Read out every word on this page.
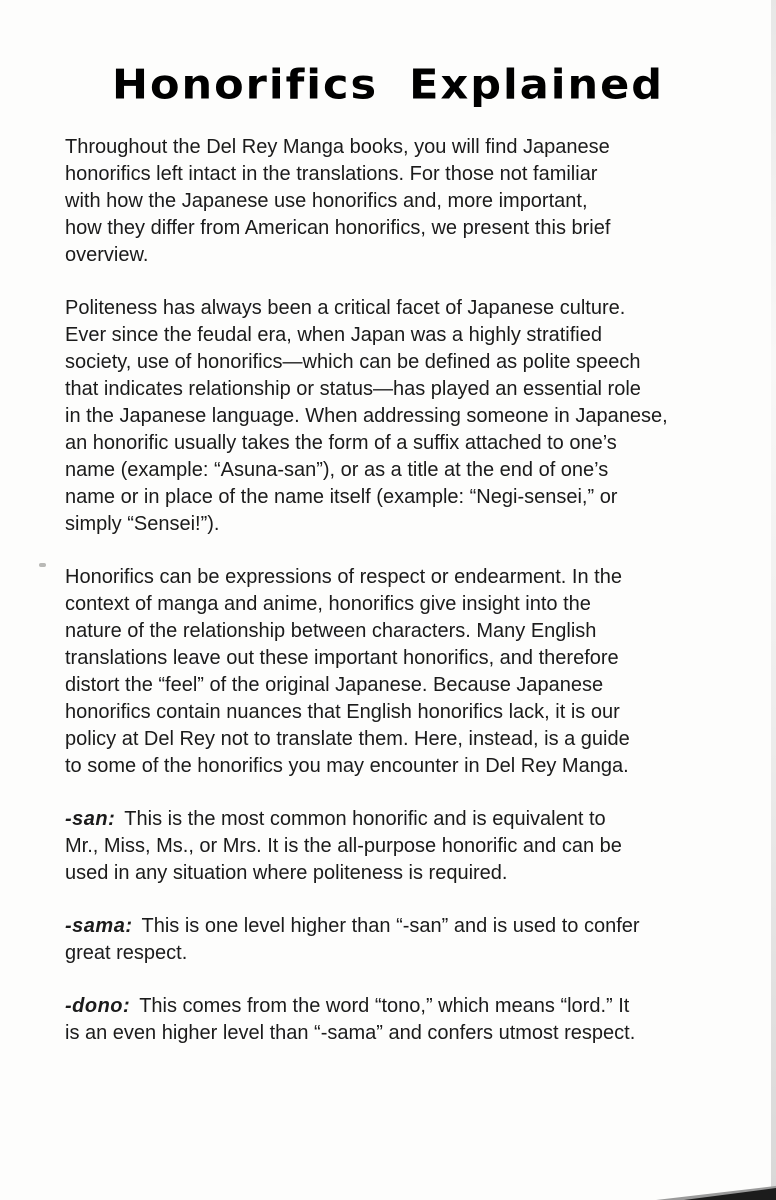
Honorifics Explained

Throughout the Del Rey Manga books, you will find Japanese
honorifics left intact in the translations. For those not familiar
with how the Japanese use honorifics and, more important,
how they differ from American honorifics, we present this brief
overview.

Politeness has always been a critical facet of Japanese culture.
Ever since the feudal era, when Japan was a highly stratified
society, use of honorifics—which can be defined as polite speech
that indicates relationship or status—has played an essential role
in the Japanese language. When addressing someone in Japanese,
an honorific usually takes the form of a suffix attached to one’s
name (example: “Asuna-san”), or as a title at the end of one’s
name or in place of the name itself (example: “Negi-sensei,” or
simply “Sensei!”).

Honorifics can be expressions of respect or endearment. In the
context of manga and anime, honorifics give insight into the
nature of the relationship between characters. Many English
translations leave out these important honorifics, and therefore
distort the “feel” of the original Japanese. Because Japanese
honorifics contain nuances that English honorifics lack, it is our
policy at Del Rey not to translate them. Here, instead, is a guide
to some of the honorifics you may encounter in Del Rey Manga.

-san: This is the most common honorific and is equivalent to
Mr., Miss, Ms., or Mrs. It is the all-purpose honorific and can be
used in any situation where politeness is required.

-sama: This is one level higher than “-san” and is used to confer
great respect.

-dono: This comes from the word “tono,” which means “lord.” It
is an even higher level than “-sama” and confers utmost respect.
